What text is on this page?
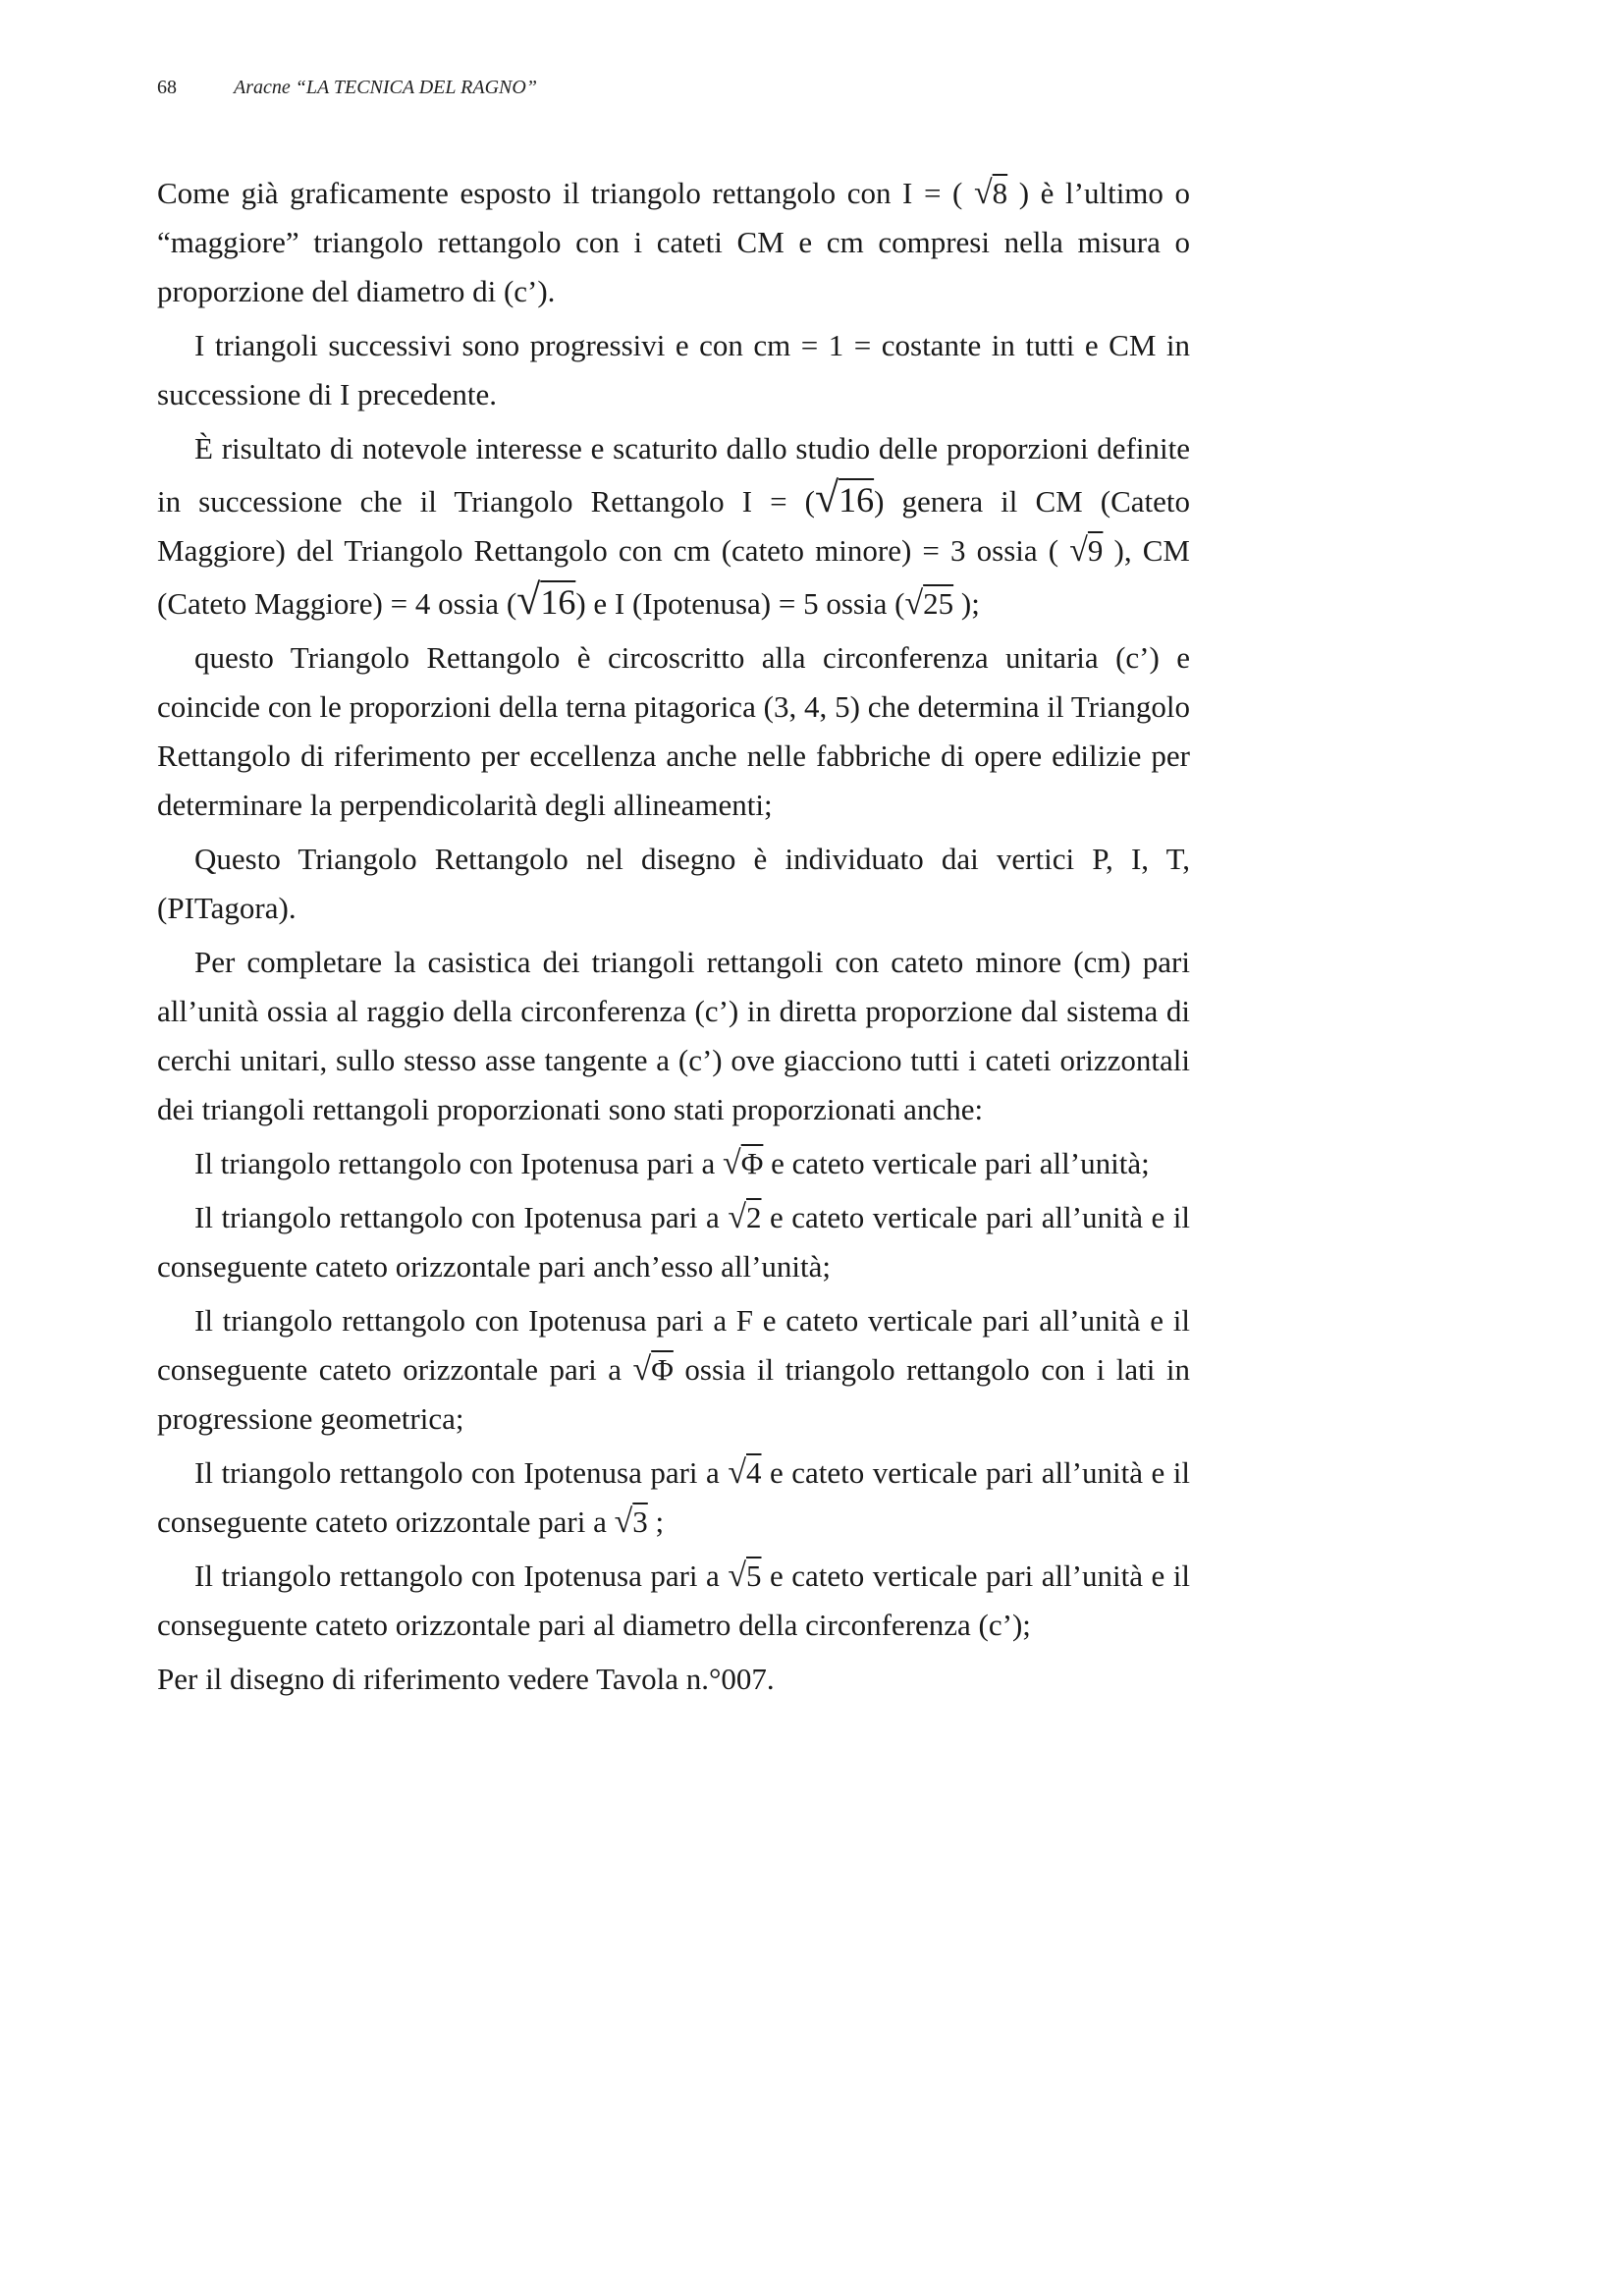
68	Aracne “LA TECNICA DEL RAGNO”

Come già graficamente esposto il triangolo rettangolo con I = ( √8 ) è l’ultimo o “maggiore” triangolo rettangolo con i cateti CM e cm compresi nella misura o proporzione del diametro di (c’).

I triangoli successivi sono progressivi e con cm = 1 = costante in tutti e CM in successione di I precedente.

È risultato di notevole interesse e scaturito dallo studio delle proporzioni definite in successione che il Triangolo Rettangolo I = (√16) genera il CM (Cateto Maggiore) del Triangolo Rettangolo con cm (cateto minore) = 3 ossia ( √9 ), CM (Cateto Maggiore) = 4 ossia (√16) e I (Ipotenusa) = 5 ossia (√25 );

questo Triangolo Rettangolo è circoscritto alla circonferenza unitaria (c’) e coincide con le proporzioni della terna pitagorica (3, 4, 5) che determina il Triangolo Rettangolo di riferimento per eccellenza anche nelle fabbriche di opere edilizie per determinare la perpendicolarità degli allineamenti;

Questo Triangolo Rettangolo nel disegno è individuato dai vertici P, I, T, (PITagora).

Per completare la casistica dei triangoli rettangoli con cateto minore (cm) pari all’unità ossia al raggio della circonferenza (c’) in diretta proporzione dal sistema di cerchi unitari, sullo stesso asse tangente a (c’) ove giacciono tutti i cateti orizzontali dei triangoli rettangoli proporzionati sono stati proporzionati anche:

Il triangolo rettangolo con Ipotenusa pari a √Φ e cateto verticale pari all’unità;

Il triangolo rettangolo con Ipotenusa pari a √2 e cateto verticale pari all’unità e il conseguente cateto orizzontale pari anch’esso all’unità;

Il triangolo rettangolo con Ipotenusa pari a F e cateto verticale pari all’unità e il conseguente cateto orizzontale pari a √Φ ossia il triangolo rettangolo con i lati in progressione geometrica;

Il triangolo rettangolo con Ipotenusa pari a √4 e cateto verticale pari all’unità e il conseguente cateto orizzontale pari a √3 ;

Il triangolo rettangolo con Ipotenusa pari a √5 e cateto verticale pari all’unità e il conseguente cateto orizzontale pari al diametro della circonferenza (c’);

Per il disegno di riferimento vedere Tavola n.°007.
